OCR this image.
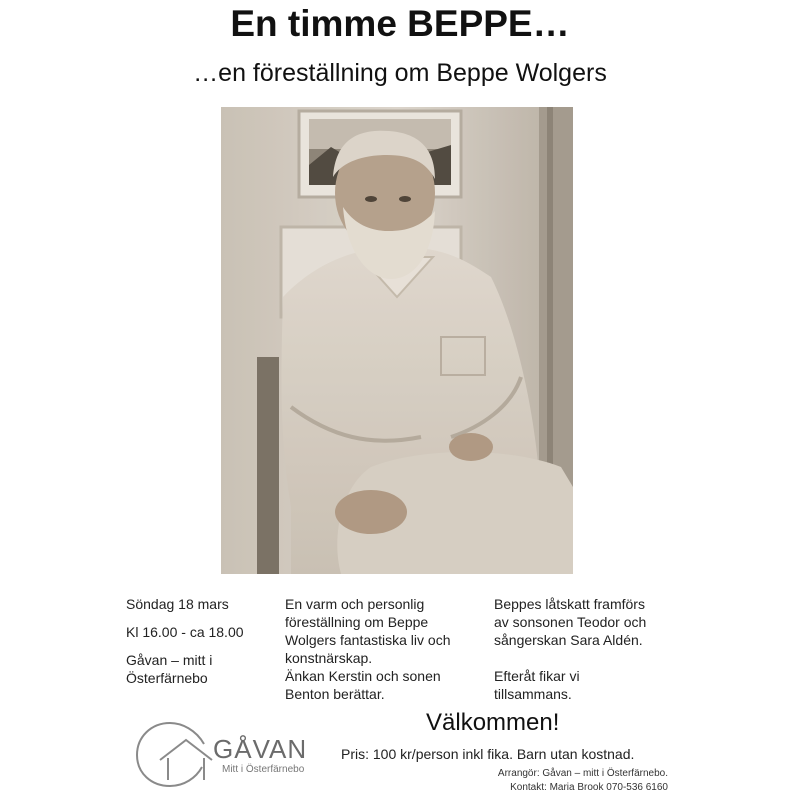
En timme BEPPE…
…en föreställning om Beppe Wolgers
Söndag 18 mars
Kl 16.00 - ca 18.00
Gåvan – mitt i
Österfärnebo
En varm och personlig
föreställning om Beppe
Wolgers fantastiska liv och
konstnärskap.
Änkan Kerstin och sonen
Benton berättar.
Beppes låtskatt framförs
av sonsonen Teodor och
sångerskan Sara Aldén.
Efteråt fikar vi
tillsammans.
GÅVAN
Mitt i Österfärnebo
Välkommen!
Pris: 100 kr/person inkl fika. Barn utan kostnad.
Arrangör: Gåvan – mitt i Österfärnebo.
Kontakt: Maria Brook 070-536 6160
